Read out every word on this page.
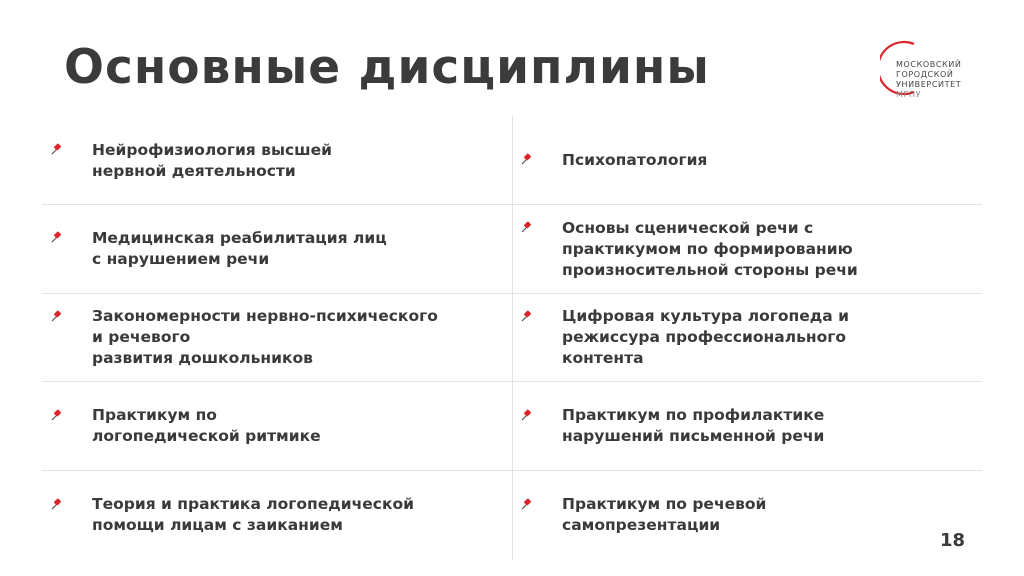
Основные дисциплины	МОСКОВСКИЙ
ГОРОДСКОЙ
УНИВЕРСИТЕТ
МГПУ
Нейрофизиология высшей
нервной деятельности
Медицинская реабилитация лиц
с нарушением речи
Закономерности нервно-психического
и речевого
развития дошкольников
Практикум по
логопедической ритмике
Теория и практика логопедической
помощи лицам с заиканием
Психопатология
Основы сценической речи с
практикумом по формированию
произносительной стороны речи
Цифровая культура логопеда и
режиссура профессионального
контента
Практикум по профилактике
нарушений письменной речи
Практикум по речевой
самопрезентации
18
